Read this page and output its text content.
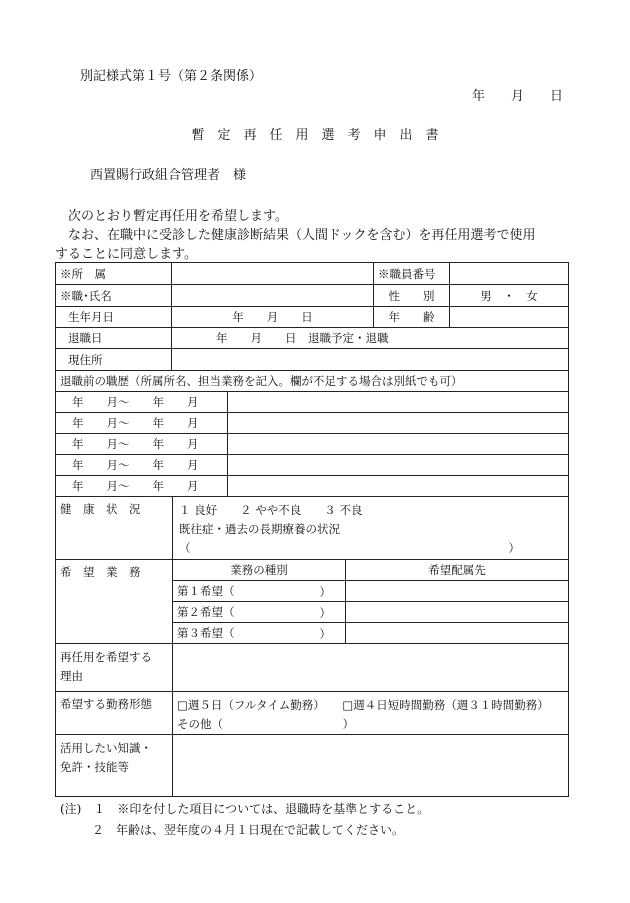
別記様式第１号（第２条関係）
年　　月　　日
暫　定　再　任　用　選　考　申　出　書
西置賜行政組合管理者　様
次のとおり暫定再任用を希望します。
なお、在職中に受診した健康診断結果（人間ドックを含む）を再任用選考で使用
することに同意します。
※所　属		※職員番号	
※職･氏名		性　　別	男　・　女
生年月日	年　　月　　日	年　　齢	
退職日	年　　月　　日　退職予定・退職		
現住所			
退職前の職歴（所属所名、担当業務を記入。欄が不足する場合は別紙でも可）			
年　　月～　　年　　月	
年　　月～　　年　　月	
年　　月～　　年　　月	
年　　月～　　年　　月	
年　　月～　　年　　月	
健　康　状　況	１ 良好　　２ やや不良　　３ 不良
既往症・過去の長期療養の状況
（ ）	

希　望　業　務	業務の種別	希望配属先
	第１希望（ ）	

	第２希望（ ）	

	第３希望（ ）	

再任用を希望する
理由		

希望する勤務形態	□週５日（フルタイム勤務） □週４日短時間勤務（週３１時間勤務）
その他（ ）	

活用したい知識・
免許・技能等		

(注)　１　※印を付した項目については、退職時を基準とすること。
２　年齢は、翌年度の４月１日現在で記載してください。
